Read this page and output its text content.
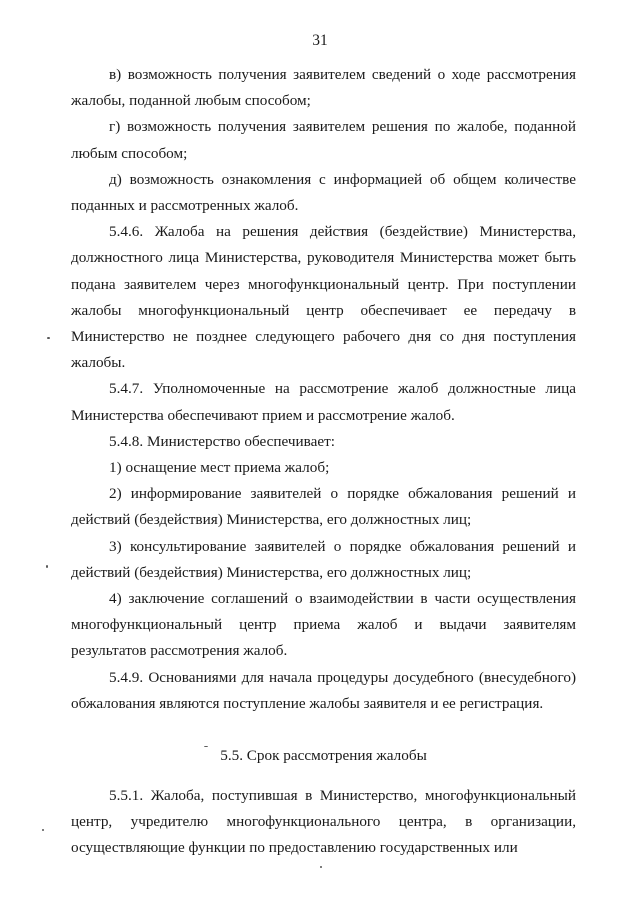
31

в) возможность получения заявителем сведений о ходе рассмотрения жалобы, поданной любым способом;

г) возможность получения заявителем решения по жалобе, поданной любым способом;

д) возможность ознакомления с информацией об общем количестве поданных и рассмотренных жалоб.

5.4.6. Жалоба на решения действия (бездействие) Министерства, должностного лица Министерства, руководителя Министерства может быть подана заявителем через многофункциональный центр. При поступлении жалобы многофункциональный центр обеспечивает ее передачу в Министерство не позднее следующего рабочего дня со дня поступления жалобы.

5.4.7. Уполномоченные на рассмотрение жалоб должностные лица Министерства обеспечивают прием и рассмотрение жалоб.

5.4.8. Министерство обеспечивает:

1) оснащение мест приема жалоб;

2) информирование заявителей о порядке обжалования решений и действий (бездействия) Министерства, его должностных лиц;

3) консультирование заявителей о порядке обжалования решений и действий (бездействия) Министерства, его должностных лиц;

4) заключение соглашений о взаимодействии в части осуществления многофункциональный центр приема жалоб и выдачи заявителям результатов рассмотрения жалоб.

5.4.9. Основаниями для начала процедуры досудебного (внесудебного) обжалования являются поступление жалобы заявителя и ее регистрация.

5.5. Срок рассмотрения жалобы

5.5.1. Жалоба, поступившая в Министерство, многофункциональный центр, учредителю многофункционального центра, в организации, осуществляющие функции по предоставлению государственных или
